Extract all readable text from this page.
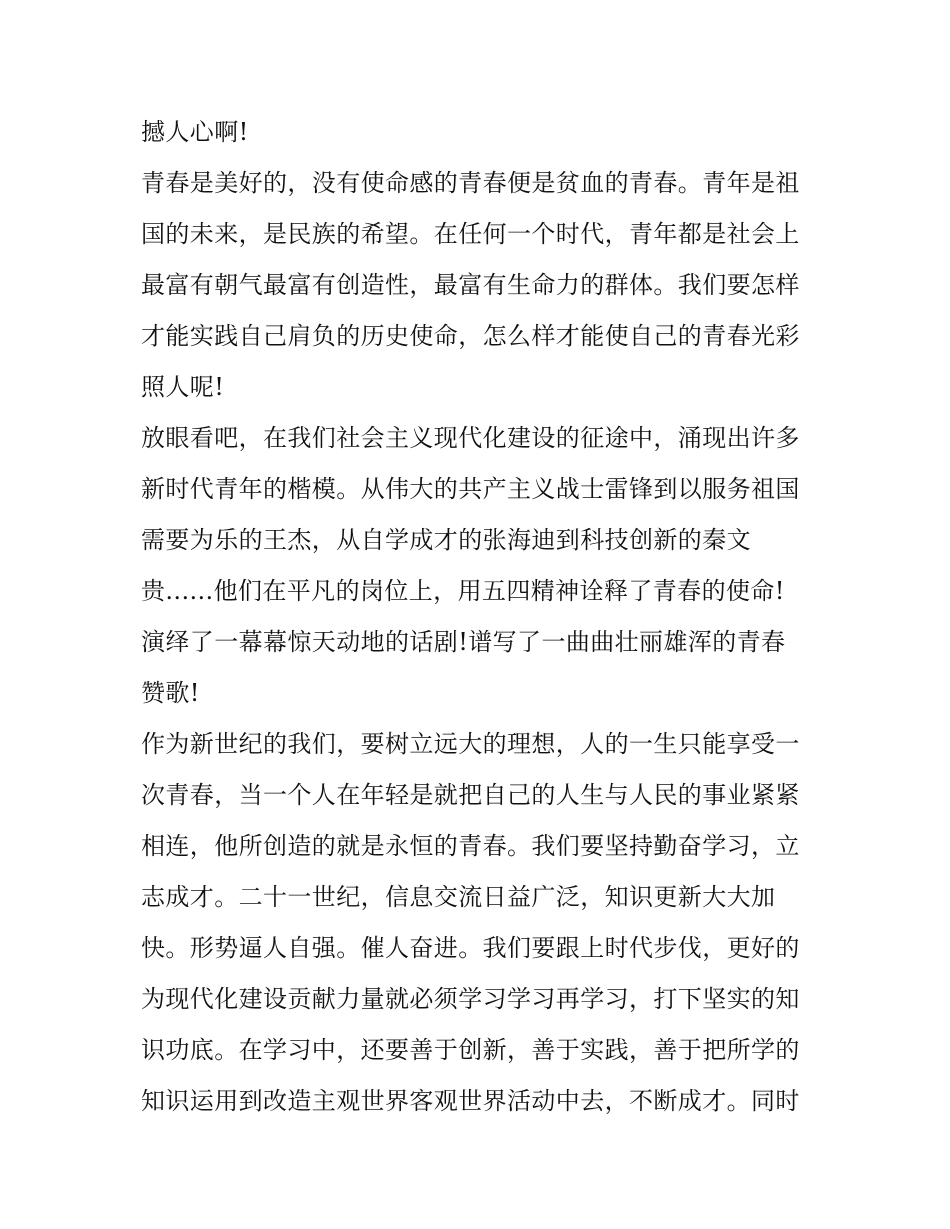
撼人心啊!
青春是美好的，没有使命感的青春便是贫血的青春。青年是祖
国的未来，是民族的希望。在任何一个时代，青年都是社会上
最富有朝气最富有创造性，最富有生命力的群体。我们要怎样
才能实践自己肩负的历史使命，怎么样才能使自己的青春光彩
照人呢!
放眼看吧，在我们社会主义现代化建设的征途中，涌现出许多
新时代青年的楷模。从伟大的共产主义战士雷锋到以服务祖国
需要为乐的王杰，从自学成才的张海迪到科技创新的秦文
贵......他们在平凡的岗位上，用五四精神诠释了青春的使命!
演绎了一幕幕惊天动地的话剧!谱写了一曲曲壮丽雄浑的青春
赞歌!
作为新世纪的我们，要树立远大的理想，人的一生只能享受一
次青春，当一个人在年轻是就把自己的人生与人民的事业紧紧
相连，他所创造的就是永恒的青春。我们要坚持勤奋学习，立
志成才。二十一世纪，信息交流日益广泛，知识更新大大加
快。形势逼人自强。催人奋进。我们要跟上时代步伐，更好的
为现代化建设贡献力量就必须学习学习再学习，打下坚实的知
识功底。在学习中，还要善于创新，善于实践，善于把所学的
知识运用到改造主观世界客观世界活动中去，不断成才。同时
